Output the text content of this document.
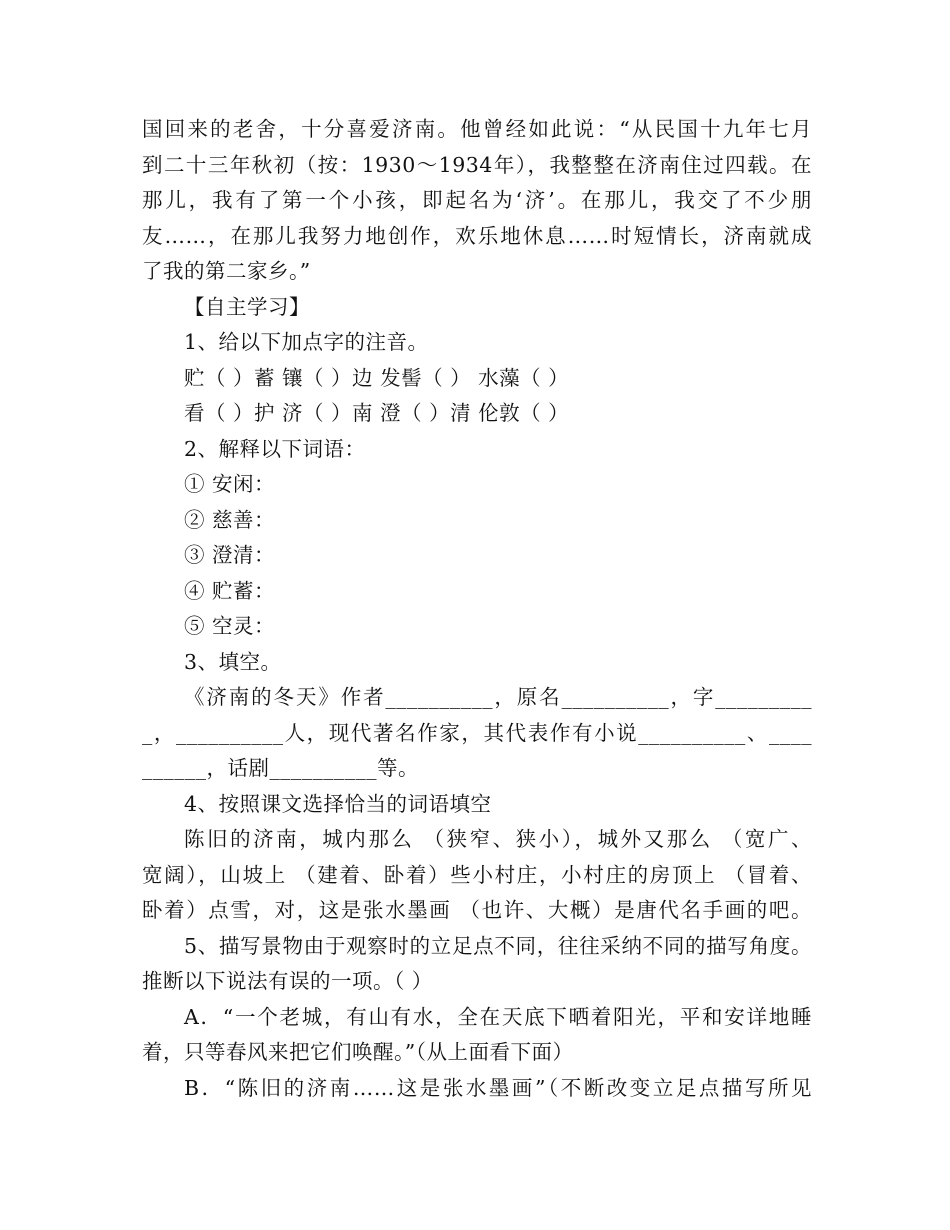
国回来的老舍，十分喜爱济南。他曾经如此说：“从民国十九年七月
到二十三年秋初（按：1930～1934年），我整整在济南住过四载。在
那儿，我有了第一个小孩，即起名为‘济’。在那儿，我交了不少朋
友……，在那儿我努力地创作，欢乐地休息……时短情长，济南就成
了我的第二家乡。”
【自主学习】
1、给以下加点字的注音。
贮（ ）蓄 镶（ ）边 发髻（ ） 水藻（ ）
看（ ）护 济（ ）南 澄（ ）清 伦敦（ ）
2、解释以下词语：
① 安闲：
② 慈善：
③ 澄清：
④ 贮蓄：
⑤ 空灵：
3、填空。
《济南的冬天》作者__________，原名__________，字_________
_，__________人，现代著名作家，其代表作有小说__________、____
______，话剧__________等。
4、按照课文选择恰当的词语填空
陈旧的济南，城内那么 （狭窄、狭小），城外又那么 （宽广、
宽阔），山坡上 （建着、卧着）些小村庄，小村庄的房顶上 （冒着、
卧着）点雪，对，这是张水墨画 （也许、大概）是唐代名手画的吧。
5、描写景物由于观察时的立足点不同，往往采纳不同的描写角度。
推断以下说法有误的一项。（ ）
A．“一个老城，有山有水，全在天底下晒着阳光，平和安详地睡
着，只等春风来把它们唤醒。”（从上面看下面）
B．“陈旧的济南……这是张水墨画”（不断改变立足点描写所见
